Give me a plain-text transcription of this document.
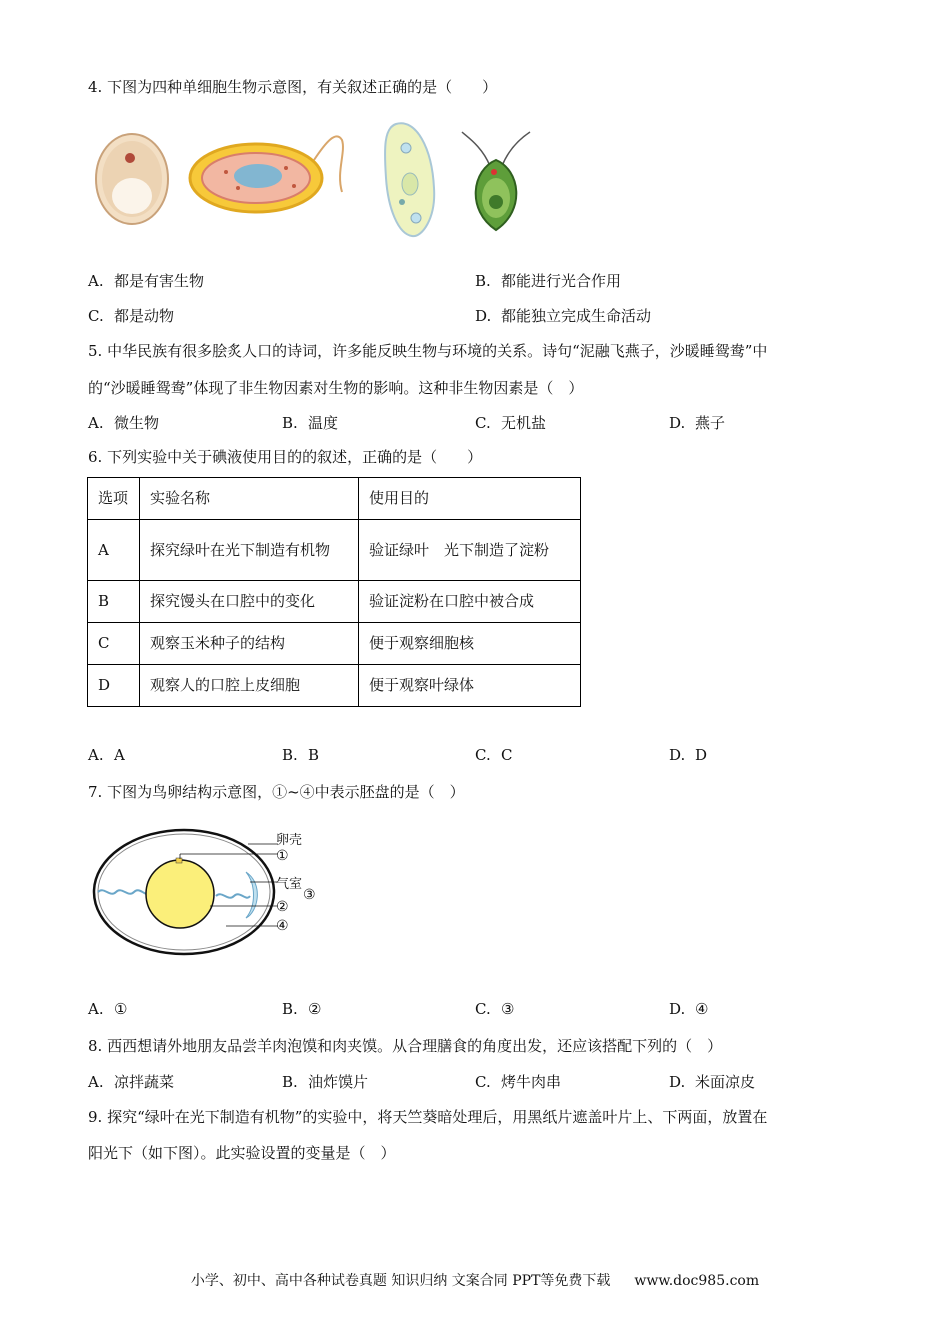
4. 下图为四种单细胞生物示意图，有关叙述正确的是（　　）
A. 都是有害生物	B. 都能进行光合作用
C. 都是动物	D. 都能独立完成生命活动
5. 中华民族有很多脍炙人口的诗词，许多能反映生物与环境的关系。诗句“泥融飞燕子，沙暖睡鸳鸯”中
的“沙暖睡鸳鸯”体现了非生物因素对生物的影响。这种非生物因素是（　）
A. 微生物	B. 温度	C. 无机盐	D. 燕子
6. 下列实验中关于碘液使用目的的叙述，正确的是（　　）
选项	实验名称	使用目的
A	探究绿叶在光下制造有机物	验证绿叶　光下制造了淀粉
B	探究馒头在口腔中的变化	验证淀粉在口腔中被合成
C	观察玉米种子的结构	便于观察细胞核
D	观察人的口腔上皮细胞	便于观察叶绿体
A. A	B. B	C. C	D. D
7. 下图为鸟卵结构示意图，①~④中表示胚盘的是（　）
卵壳
①
气室
③
②
④
A. ①	B. ②	C. ③	D. ④
8. 西西想请外地朋友品尝羊肉泡馍和肉夹馍。从合理膳食的角度出发，还应该搭配下列的（　）
A. 凉拌蔬菜	B. 油炸馍片	C. 烤牛肉串	D. 米面凉皮
9. 探究“绿叶在光下制造有机物”的实验中，将天竺葵暗处理后，用黑纸片遮盖叶片上、下两面，放置在
阳光下（如下图）。此实验设置的变量是（　）
小学、初中、高中各种试卷真题 知识归纳 文案合同 PPT等免费下载 www.doc985.com
